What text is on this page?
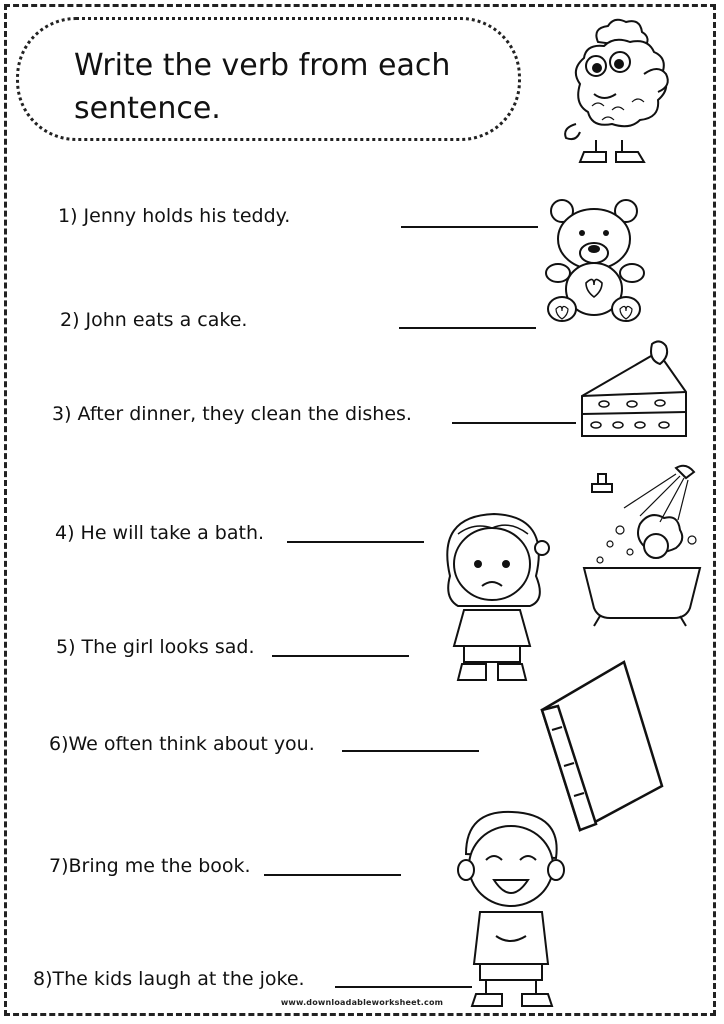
Write the verb from each sentence.
1) Jenny holds his teddy.
2) John eats a cake.
3) After dinner, they clean the dishes.
4) He will take a bath.
5) The girl looks sad.
6)We often think about you.
7)Bring me the book.
8)The kids laugh at the joke.
www.downloadableworksheet.com
